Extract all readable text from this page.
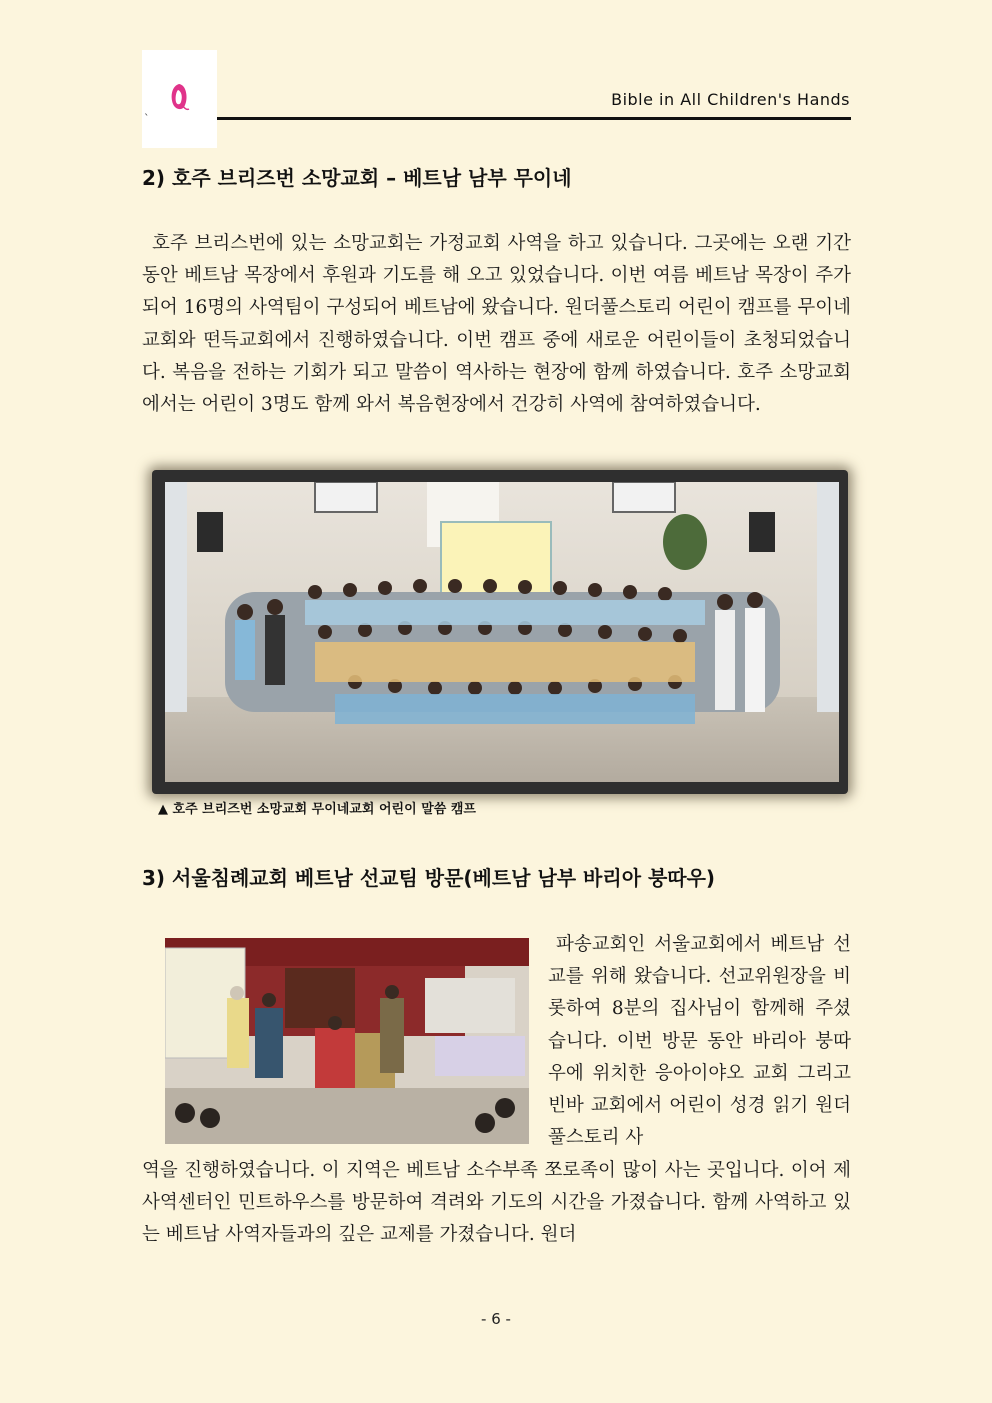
`
Bible in All Children's Hands
2) 호주 브리즈번 소망교회 – 베트남 남부 무이네

호주 브리스번에 있는 소망교회는 가정교회 사역을 하고 있습니다. 그곳에는 오랜 기간 동안 베트남 목장에서 후원과 기도를 해 오고 있었습니다. 이번 여름 베트남 목장이 주가 되어 16명의 사역팀이 구성되어 베트남에 왔습니다. 원더풀스토리 어린이 캠프를 무이네교회와 떤득교회에서 진행하였습니다. 이번 캠프 중에 새로운 어린이들이 초청되었습니다. 복음을 전하는 기회가 되고 말씀이 역사하는 현장에 함께 하였습니다. 호주 소망교회에서는 어린이 3명도 함께 와서 복음현장에서 건강히 사역에 참여하였습니다.

▲ 호주 브리즈번 소망교회 무이네교회 어린이 말씀 캠프
3) 서울침례교회 베트남 선교팀 방문(베트남 남부 바리아 붕따우)

파송교회인 서울교회에서 베트남 선교를 위해 왔습니다. 선교위원장을 비롯하여 8분의 집사님이 함께해 주셨습니다. 이번 방문 동안 바리아 붕따우에 위치한 응아이야오 교회 그리고 빈바 교회에서 어린이 성경 읽기 원더풀스토리 사

역을 진행하였습니다. 이 지역은 베트남 소수부족 쪼로족이 많이 사는 곳입니다. 이어 제 사역센터인 민트하우스를 방문하여 격려와 기도의 시간을 가졌습니다. 함께 사역하고 있는 베트남 사역자들과의 깊은 교제를 가졌습니다. 원더

- 6 -
